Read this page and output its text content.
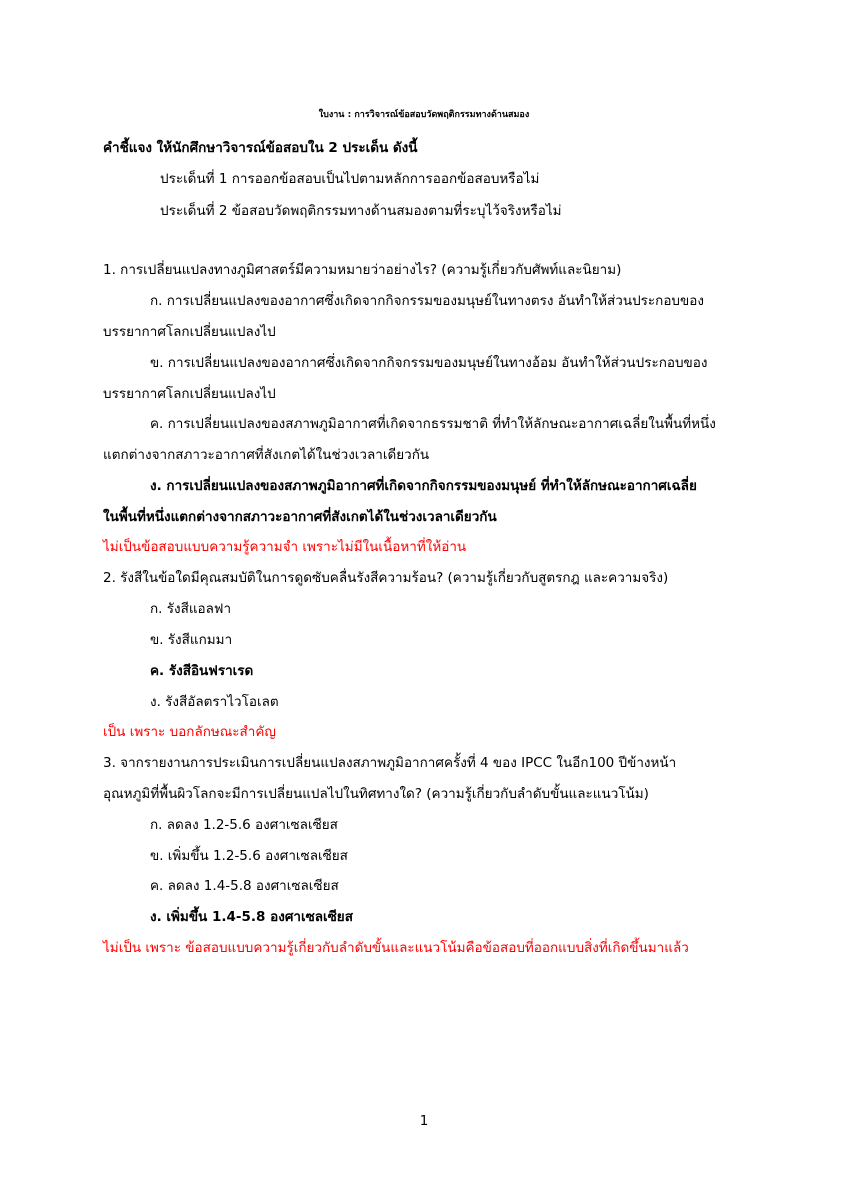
ใบงาน : การวิจารณ์ข้อสอบวัดพฤติกรรมทางด้านสมอง
คำชี้แจง ให้นักศึกษาวิจารณ์ข้อสอบใน 2 ประเด็น ดังนี้
ประเด็นที่ 1 การออกข้อสอบเป็นไปตามหลักการออกข้อสอบหรือไม่
ประเด็นที่ 2 ข้อสอบวัดพฤติกรรมทางด้านสมองตามที่ระบุไว้จริงหรือไม่
1. การเปลี่ยนแปลงทางภูมิศาสตร์มีความหมายว่าอย่างไร? (ความรู้เกี่ยวกับศัพท์และนิยาม)
ก. การเปลี่ยนแปลงของอากาศซึ่งเกิดจากกิจกรรมของมนุษย์ในทางตรง อันทำให้ส่วนประกอบของ
บรรยากาศโลกเปลี่ยนแปลงไป
ข. การเปลี่ยนแปลงของอากาศซึ่งเกิดจากกิจกรรมของมนุษย์ในทางอ้อม อันทำให้ส่วนประกอบของ
บรรยากาศโลกเปลี่ยนแปลงไป
ค. การเปลี่ยนแปลงของสภาพภูมิอากาศที่เกิดจากธรรมชาติ ที่ทำให้ลักษณะอากาศเฉลี่ยในพื้นที่หนึ่ง
แตกต่างจากสภาวะอากาศที่สังเกตได้ในช่วงเวลาเดียวกัน
ง. การเปลี่ยนแปลงของสภาพภูมิอากาศที่เกิดจากกิจกรรมของมนุษย์ ที่ทำให้ลักษณะอากาศเฉลี่ย
ในพื้นที่หนึ่งแตกต่างจากสภาวะอากาศที่สังเกตได้ในช่วงเวลาเดียวกัน
ไม่เป็นข้อสอบแบบความรู้ความจำ เพราะไม่มีในเนื้อหาที่ให้อ่าน
2. รังสีในข้อใดมีคุณสมบัติในการดูดซับคลื่นรังสีความร้อน? (ความรู้เกี่ยวกับสูตรกฎ และความจริง)
ก. รังสีแอลฟา
ข. รังสีแกมมา
ค. รังสีอินฟราเรด
ง. รังสีอัลตราไวโอเลต
เป็น เพราะ บอกลักษณะสำคัญ
3. จากรายงานการประเมินการเปลี่ยนแปลงสภาพภูมิอากาศครั้งที่ 4 ของ IPCC ในอีก100 ปีข้างหน้า
อุณหภูมิที่พื้นผิวโลกจะมีการเปลี่ยนแปลไปในทิศทางใด? (ความรู้เกี่ยวกับลำดับขั้นและแนวโน้ม)
ก. ลดลง 1.2-5.6 องศาเซลเซียส
ข. เพิ่มขึ้น 1.2-5.6 องศาเซลเซียส
ค. ลดลง 1.4-5.8 องศาเซลเซียส
ง. เพิ่มขึ้น 1.4-5.8 องศาเซลเซียส
ไม่เป็น เพราะ ข้อสอบแบบความรู้เกี่ยวกับลำดับขั้นและแนวโน้มคือข้อสอบที่ออกแบบสิ่งที่เกิดขึ้นมาแล้ว
1
